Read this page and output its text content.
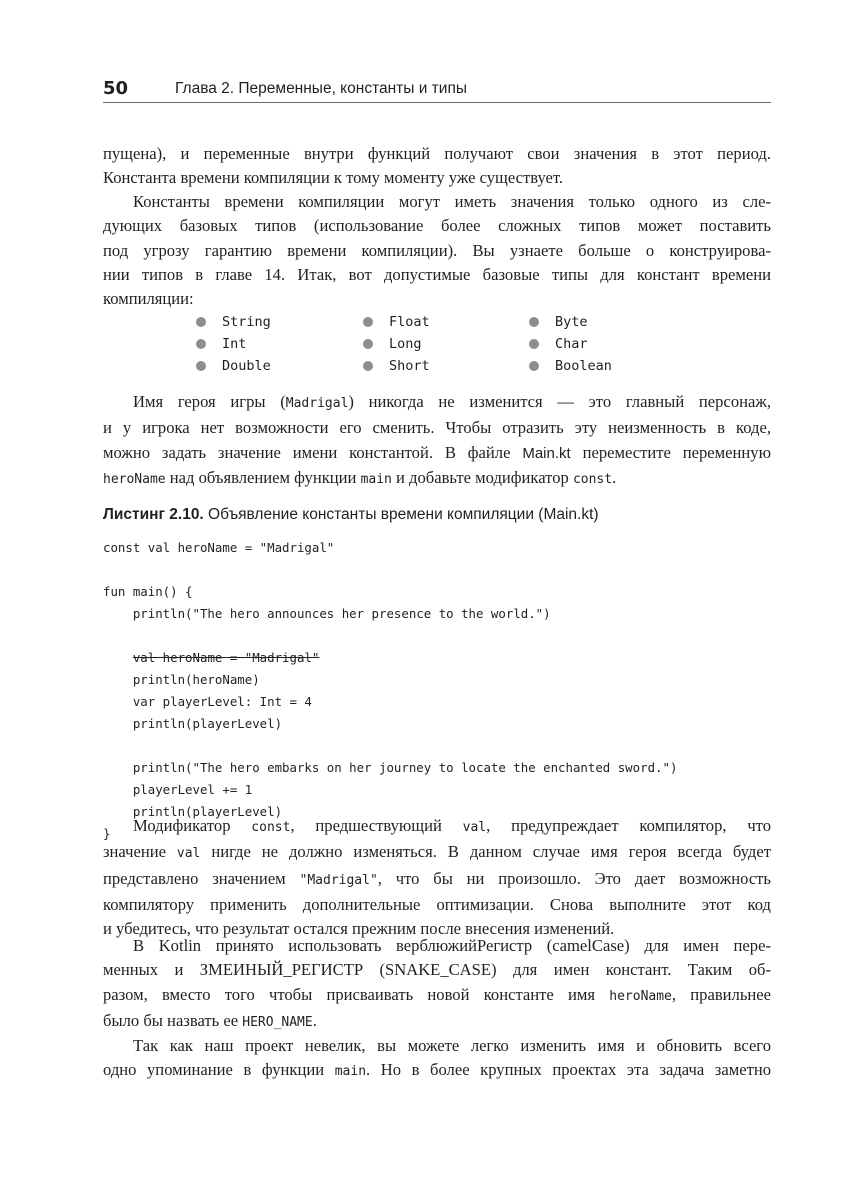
50	Глава 2. Переменные, константы и типы
пущена), и переменные внутри функций получают свои значения в этот период.
Константа времени компиляции к тому моменту уже существует.
Константы времени компиляции могут иметь значения только одного из сле-
дующих базовых типов (использование более сложных типов может поставить
под угрозу гарантию времени компиляции). Вы узнаете больше о конструирова-
нии типов в главе 14. Итак, вот допустимые базовые типы для констант времени
компиляции:
String	Float	Byte
Int	Long	Char
Double	Short	Boolean
Имя героя игры (Madrigal) никогда не изменится — это главный персонаж,
и у игрока нет возможности его сменить. Чтобы отразить эту неизменность в коде,
можно задать значение имени константой. В файле Main.kt переместите переменную
heroName над объявлением функции main и добавьте модификатор const.
Листинг 2.10. Объявление константы времени компиляции (Main.kt)
const val heroName = "Madrigal"
fun main() {
println("The hero announces her presence to the world.")
val heroName = "Madrigal"
println(heroName)
var playerLevel: Int = 4
println(playerLevel)
println("The hero embarks on her journey to locate the enchanted sword.")
playerLevel += 1
println(playerLevel)
}	Модификатор const, предшествующий val, предупреждает компилятор, что
значение val нигде не должно изменяться. В данном случае имя героя всегда будет
представлено значением "Madrigal", что бы ни произошло. Это дает возможность
компилятору применить дополнительные оптимизации. Снова выполните этот код
и убедитесь, что результат остался прежним после внесения изменений.
В Kotlin принято использовать верблюжийРегистр (camelCase) для имен пере-
менных и ЗМЕИНЫЙ_РЕГИСТР (SNAKE_CASE) для имен констант. Таким об-
разом, вместо того чтобы присваивать новой константе имя heroName, правильнее
было бы назвать ее HERO_NAME.
Так как наш проект невелик, вы можете легко изменить имя и обновить всего
одно упоминание в функции main. Но в более крупных проектах эта задача заметно
